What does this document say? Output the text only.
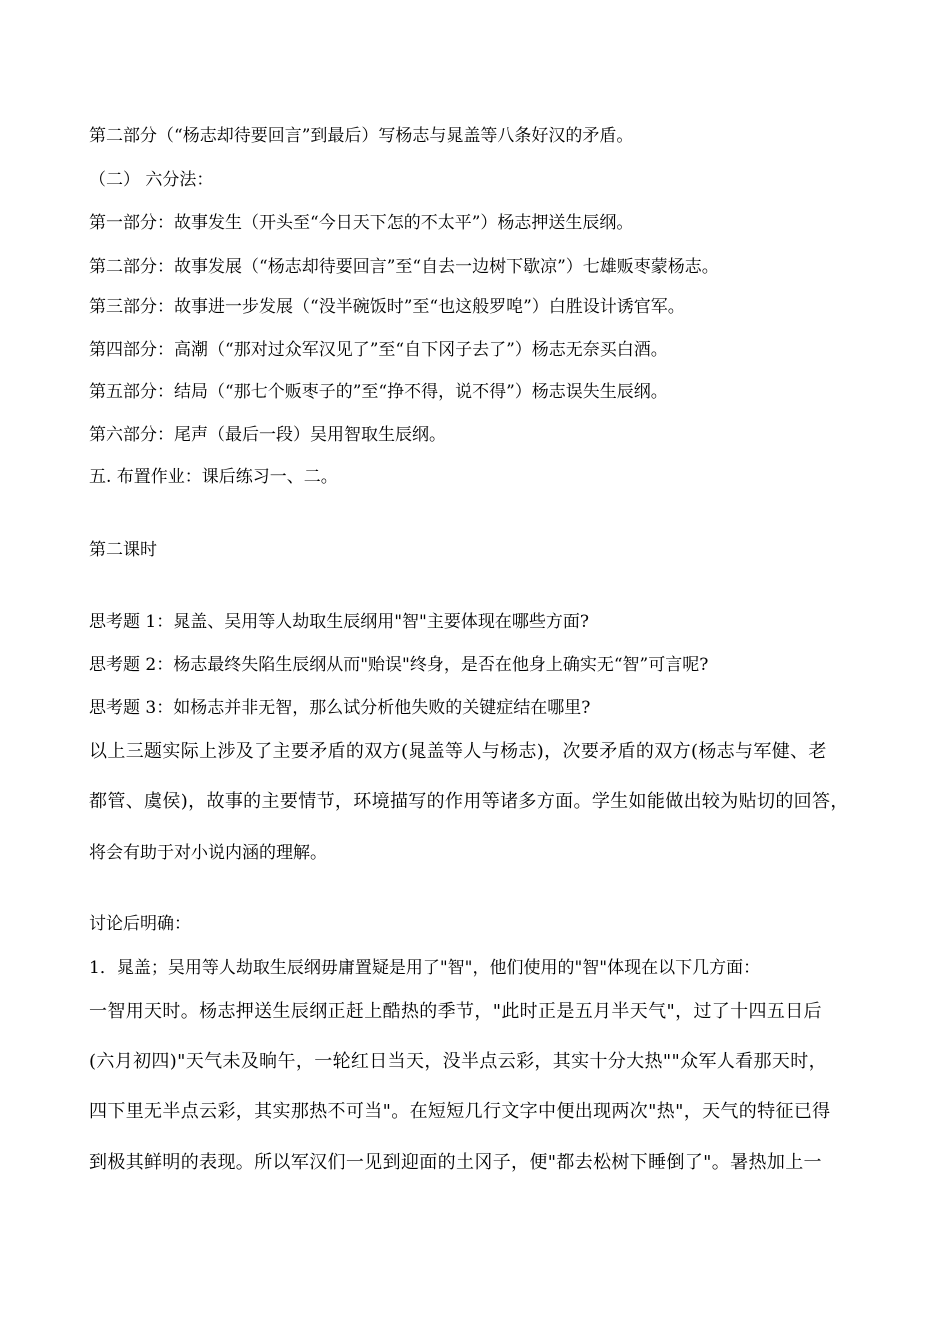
第二部分（“杨志却待要回言”到最后）写杨志与晁盖等八条好汉的矛盾。
（二） 六分法：
第一部分：故事发生（开头至“今日天下怎的不太平”）杨志押送生辰纲。
第二部分：故事发展（“杨志却待要回言”至“自去一边树下歇凉”）七雄贩枣蒙杨志。
第三部分：故事进一步发展（“没半碗饭时”至“也这般罗唣”）白胜设计诱官军。
第四部分：高潮（“那对过众军汉见了”至“自下冈子去了”）杨志无奈买白酒。
第五部分：结局（“那七个贩枣子的”至“挣不得，说不得”）杨志误失生辰纲。
第六部分：尾声（最后一段）吴用智取生辰纲。
五. 布置作业：课后练习一、二。
第二课时
思考题 1：晁盖、吴用等人劫取生辰纲用"智"主要体现在哪些方面?
思考题 2：杨志最终失陷生辰纲从而"贻误"终身，是否在他身上确实无“智”可言呢?
思考题 3：如杨志并非无智，那么试分析他失败的关键症结在哪里?
以上三题实际上涉及了主要矛盾的双方(晁盖等人与杨志)，次要矛盾的双方(杨志与军健、老
都管、虞侯)，故事的主要情节，环境描写的作用等诸多方面。学生如能做出较为贴切的回答，
将会有助于对小说内涵的理解。
讨论后明确：
1．晁盖；吴用等人劫取生辰纲毋庸置疑是用了"智"，他们使用的"智"体现在以下几方面：
一智用天时。杨志押送生辰纲正赶上酷热的季节，"此时正是五月半天气"，过了十四五日后
(六月初四)"天气未及晌午，一轮红日当天，没半点云彩，其实十分大热""众军人看那天时，
四下里无半点云彩，其实那热不可当"。在短短几行文字中便出现两次"热"，天气的特征已得
到极其鲜明的表现。所以军汉们一见到迎面的土冈子，便"都去松树下睡倒了"。暑热加上一
